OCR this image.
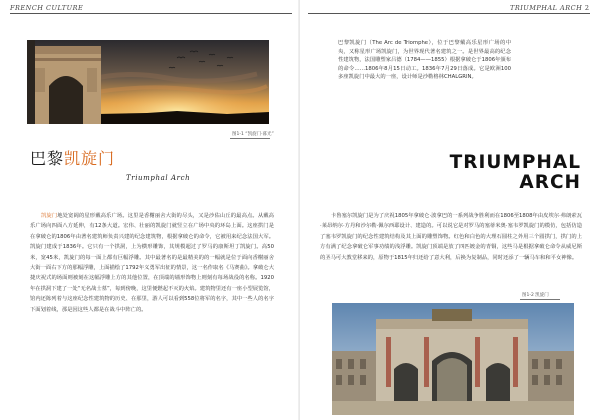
FRENCH CULTURE
图1-1 “凯旋门·暮光”
巴黎凯旋门
Triumphal Arch

凯旋门地处宽阔的星形戴高乐广场。这里是香榭丽舍大街的尽头，又是沙佑山丘的最高点。从戴高乐广场向四面八方延伸，有12条大道。宏伟、壮丽的凯旋门就竖立在广场中央的环岛上面。这座拱门是在拿破仑的1806年由著名建筑师负责兴建的纪念建筑物，根据拿破仑的命令，它被用来纪念法国大军。凯旋门建成于1836年。它只有一个拱洞，上为横形雕饰，其规模超过了罗马的康斯坦丁凯旋门。高50米，宽45米，凯旋门的每一面上都有巨幅浮雕。其中最著名的是最精美的的一幅就是位于面向香榭丽舍大街一面右下方的那幅浮雕，上面描绘了1792年义勇军出征的情景，这一名作取名《马赛曲》。拿破仑大捷庆祝式的场面则被刻在这幅浮雕上方的其他位置，在顶端的墙形饰物上则刻有每场战役的名称。1920年在拱洞下建了一处“无名战士墓”，每到傍晚，这里便燃起不灭的火焰。建筑物里还有一座小型展览馆，馆内还陈列着与这座纪念性建筑物的历史、在那里，游人可以看到558位将军的名字，其中一些人的名字下面划着线，那是因这些人都是在战斗中阵亡的。

TRIUMPHAL ARCH 2

巴黎凯旋门（The Arc de Triomphe），位于巴黎戴高乐星形广场的中央，又称星形广场凯旋门，为世界现代著名建筑之一。是世界最高的纪念性建筑物，法国雕塑家吕德（1784——1855）根据拿破仑于1806年颁布的命令……1806年8月15日动工。1836年7月29日落成。它是欧洲100多座凯旋门中最大的一座，设计师是沙勒格林CHALGRIN。

TRIUMPHAL
ARCH

卡鲁塞尔凯旋门是为了庆祝1805年拿破仑·波拿巴的一系列战争胜利而在1806至1808年由皮埃尔·弗朗索瓦·莱昂纳尔·方丹和沙尔勒·佩尔西耶设计、建造的。可以说它是对罗马的塞蒂米奥·塞韦罗凯旋门的模仿，包括仿造了塞韦罗凯旋门的纪念性建筑结构及其上面的雕塑饰物。红色和白色的大理石圆柱之外用三个圆拱门，拱门的上方有满了纪念拿破仑军事功绩的浅浮雕。凯旋门顶端是放了四匹镀金的青铜，这些马是根据拿破仑命令从威尼斯的圣马可大教堂移来的，原物于1815年归还给了意大利，后换为复制品，同时还添了一辆马车和和平女神像。

图1-2 凯旋门
